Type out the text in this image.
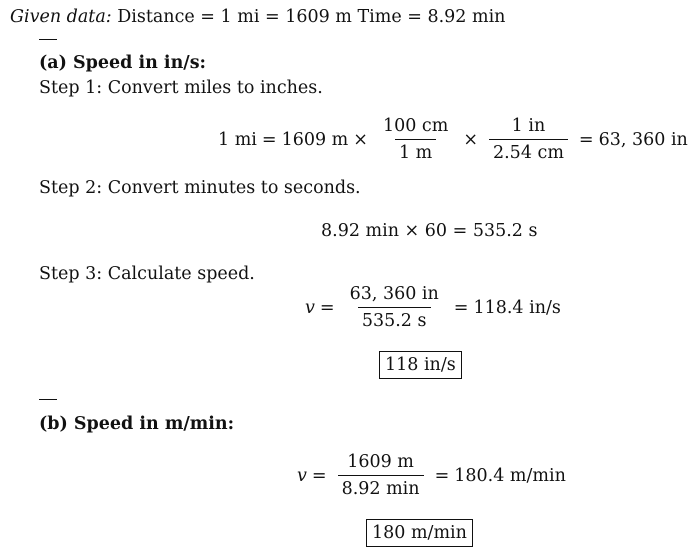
Given data: Distance = 1 mi = 1609 m Time = 8.92 min
(a) Speed in in/s:
Step 1: Convert miles to inches.
1 mi = 1609 $m \times \frac{100 cm}{1 m} \times \frac{1 in}{2.54 cm} = 63$, 360 in
Step 2: Convert minutes to seconds.
8.92 min × 60 = 535.2 s
Step 3: Calculate speed.
$v = \frac{63, 360 in}{535.2 s} = 118.4$ in/s
118 in/s
(b) Speed in m/min:
$v = \frac{1609 m}{8.92 \min} = 180.4$ m/min
180 m/min
